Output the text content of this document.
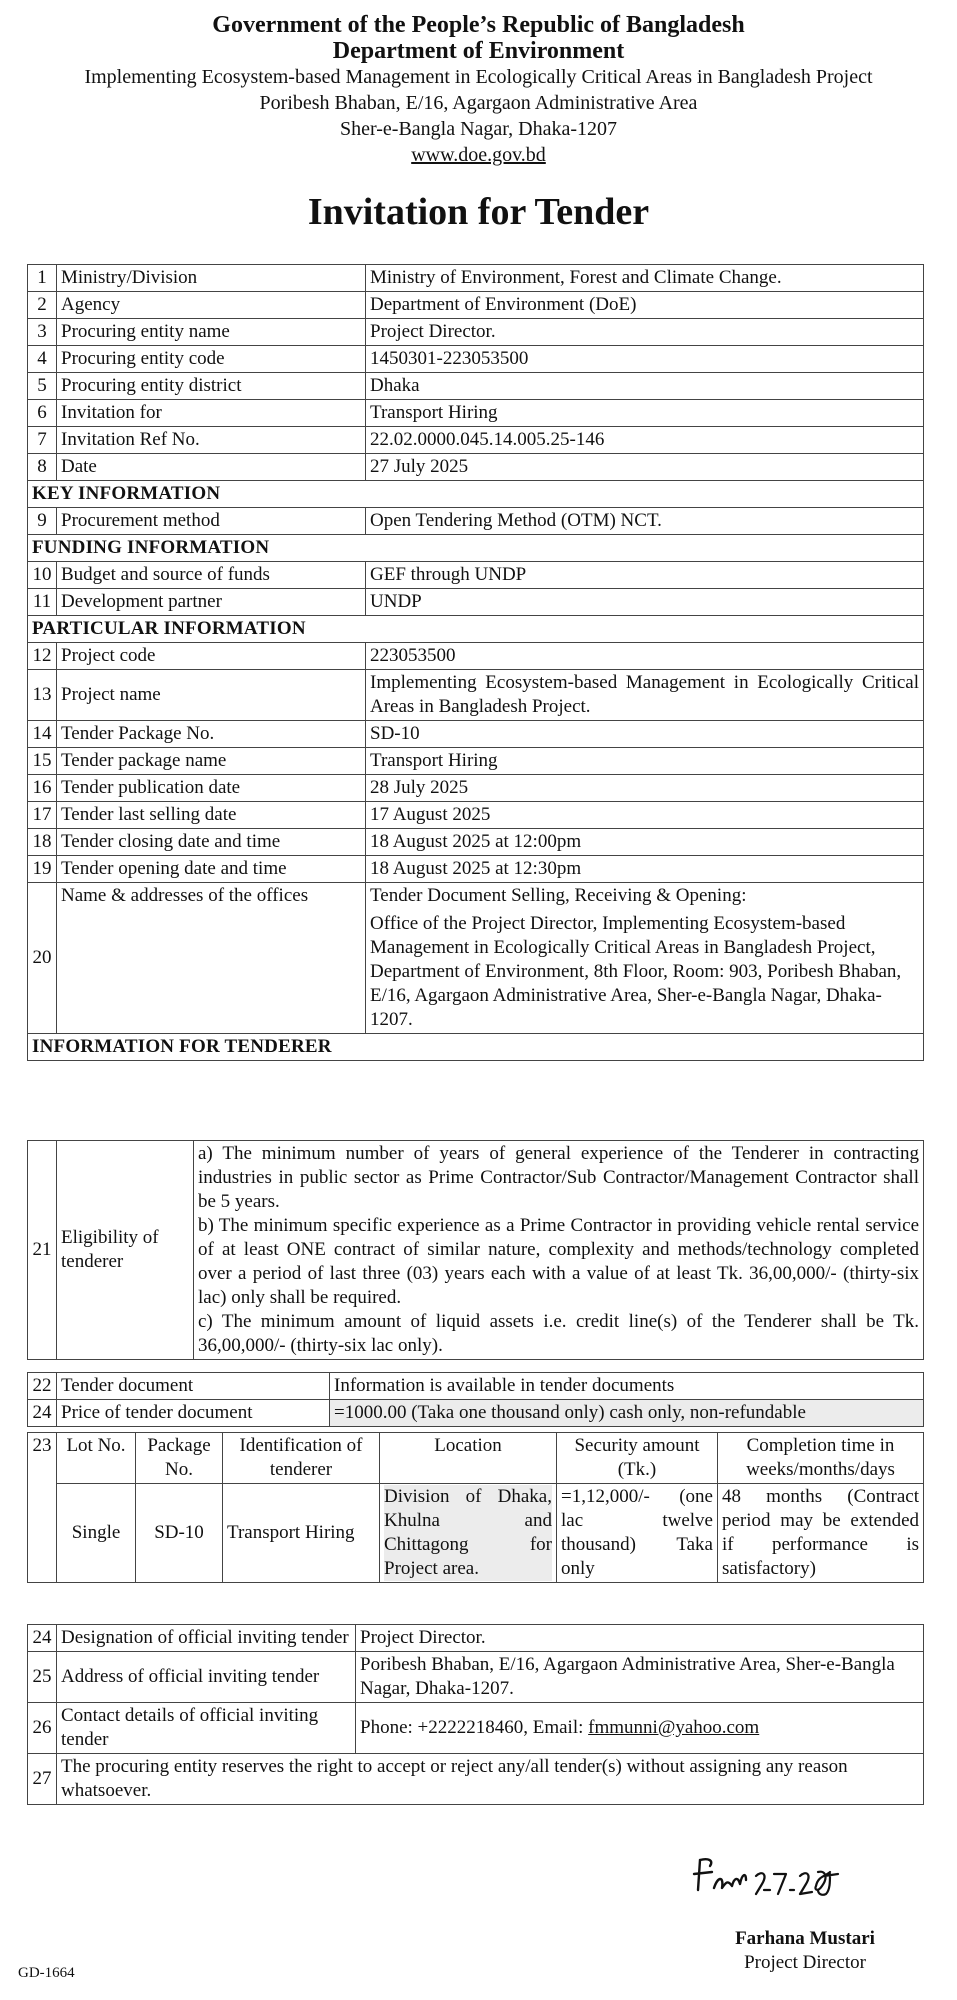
Government of the People’s Republic of Bangladesh
Department of Environment
Implementing Ecosystem-based Management in Ecologically Critical Areas in Bangladesh Project
Poribesh Bhaban, E/16, Agargaon Administrative Area
Sher-e-Bangla Nagar, Dhaka-1207
www.doe.gov.bd
Invitation for Tender
1	Ministry/Division	Ministry of Environment, Forest and Climate Change.
2	Agency	Department of Environment (DoE)
3	Procuring entity name	Project Director.
4	Procuring entity code	1450301-223053500
5	Procuring entity district	Dhaka
6	Invitation for	Transport Hiring
7	Invitation Ref No.	22.02.0000.045.14.005.25-146
8	Date	27 July 2025
KEY INFORMATION		
9	Procurement method	Open Tendering Method (OTM) NCT.
FUNDING INFORMATION		
10	Budget and source of funds	GEF through UNDP
11	Development partner	UNDP
PARTICULAR INFORMATION		
12	Project code	223053500
13	Project name	Implementing Ecosystem-based Management in Ecologically Critical Areas in Bangladesh Project.
14	Tender Package No.	SD-10
15	Tender package name	Transport Hiring
16	Tender publication date	28 July 2025
17	Tender last selling date	17 August 2025
18	Tender closing date and time	18 August 2025 at 12:00pm
19	Tender opening date and time	18 August 2025 at 12:30pm
20	Name & addresses of the offices	Tender Document Selling, Receiving & Opening:
Office of the Project Director, Implementing Ecosystem-based Management in Ecologically Critical Areas in Bangladesh Project, Department of Environment, 8th Floor, Room: 903, Poribesh Bhaban, E/16, Agargaon Administrative Area, Sher-e-Bangla Nagar, Dhaka-1207.

INFORMATION FOR TENDERER		
21	Eligibility of tenderer	
a) The minimum number of years of general experience of the Tenderer in contracting industries in public sector as Prime Contractor/Sub Contractor/Management Contractor shall be 5 years.
b) The minimum specific experience as a Prime Contractor in providing vehicle rental service of at least ONE contract of similar nature, complexity and methods/technology completed over a period of last three (03) years each with a value of at least Tk. 36,00,000/- (thirty-six lac) only shall be required.
c) The minimum amount of liquid assets i.e. credit line(s) of the Tenderer shall be Tk. 36,00,000/- (thirty-six lac only).
22	Tender document	Information is available in tender documents
24	Price of tender document	=1000.00 (Taka one thousand only) cash only, non-refundable
23	Lot No.	Package No.	Identification of tenderer	Location	Security amount (Tk.)	Completion time in weeks/months/days
	Single	SD-10	Transport Hiring	Division of Dhaka, Khulna and Chittagong for Project area.	=1,12,000/- (one lac twelve thousand) Taka only	48 months (Contract period may be extended if performance is satisfactory)
24	Designation of official inviting tender	Project Director.
25	Address of official inviting tender	Poribesh Bhaban, E/16, Agargaon Administrative Area, Sher-e-Bangla Nagar, Dhaka-1207.
26	Contact details of official inviting tender	Phone: +2222218460, Email: fmmunni@yahoo.com
27	The procuring entity reserves the right to accept or reject any/all tender(s) without assigning any reason whatsoever.	
Farhana Mustari
Project Director
GD-1664
